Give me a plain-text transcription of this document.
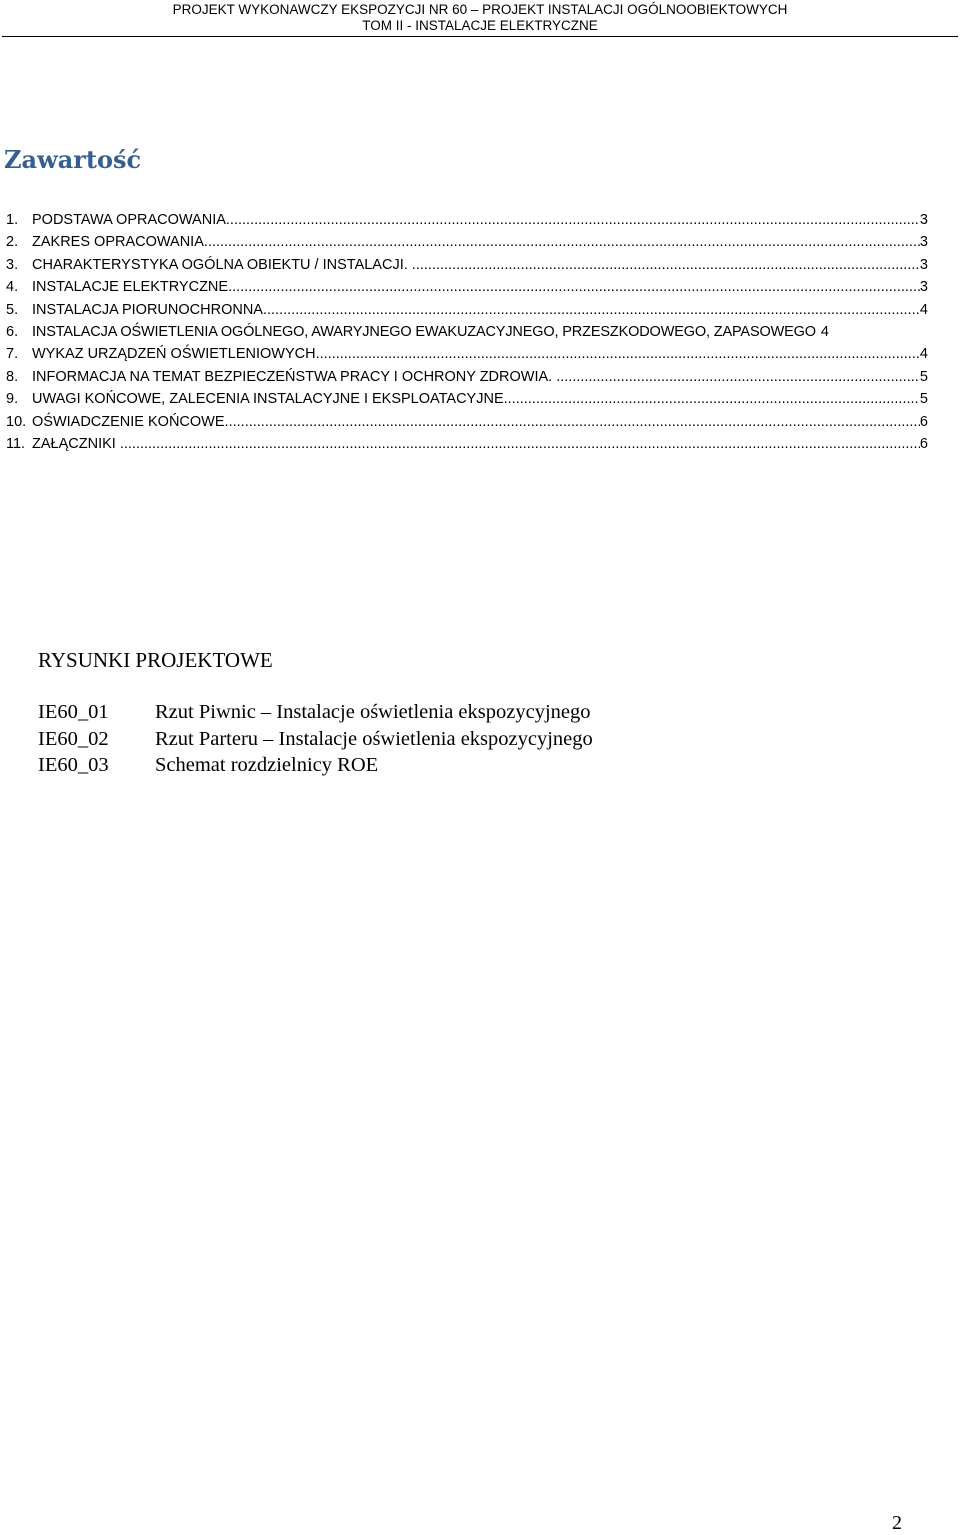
PROJEKT WYKONAWCZY EKSPOZYCJI NR 60 – PROJEKT INSTALACJI OGÓLNOOBIEKTOWYCH
TOM II - INSTALACJE ELEKTRYCZNE
Zawartość
1. PODSTAWA OPRACOWANIA .....	3
2. ZAKRES OPRACOWANIA .....	3
3. CHARAKTERYSTYKA OGÓLNA OBIEKTU / INSTALACJI. .....	3
4. INSTALACJE ELEKTRYCZNE .....	3
5. INSTALACJA PIORUNOCHRONNA .....	4
6. INSTALACJA OŚWIETLENIA OGÓLNEGO, AWARYJNEGO EWAKUZACYJNEGO, PRZESZKODOWEGO, ZAPASOWEGO 4
7. WYKAZ URZĄDZEŃ OŚWIETLENIOWYCH .....	4
8. INFORMACJA NA TEMAT BEZPIECZEŃSTWA PRACY I OCHRONY ZDROWIA. .....	5
9. UWAGI KOŃCOWE, ZALECENIA INSTALACYJNE I EKSPLOATACYJNE .....	5
10. OŚWIADCZENIE KOŃCOWE .....	6
11. ZAŁĄCZNIKI .....	6
RYSUNKI PROJEKTOWE
IE60_01	Rzut Piwnic – Instalacje oświetlenia ekspozycyjnego
IE60_02	Rzut Parteru – Instalacje oświetlenia ekspozycyjnego
IE60_03	Schemat rozdzielnicy ROE
2
